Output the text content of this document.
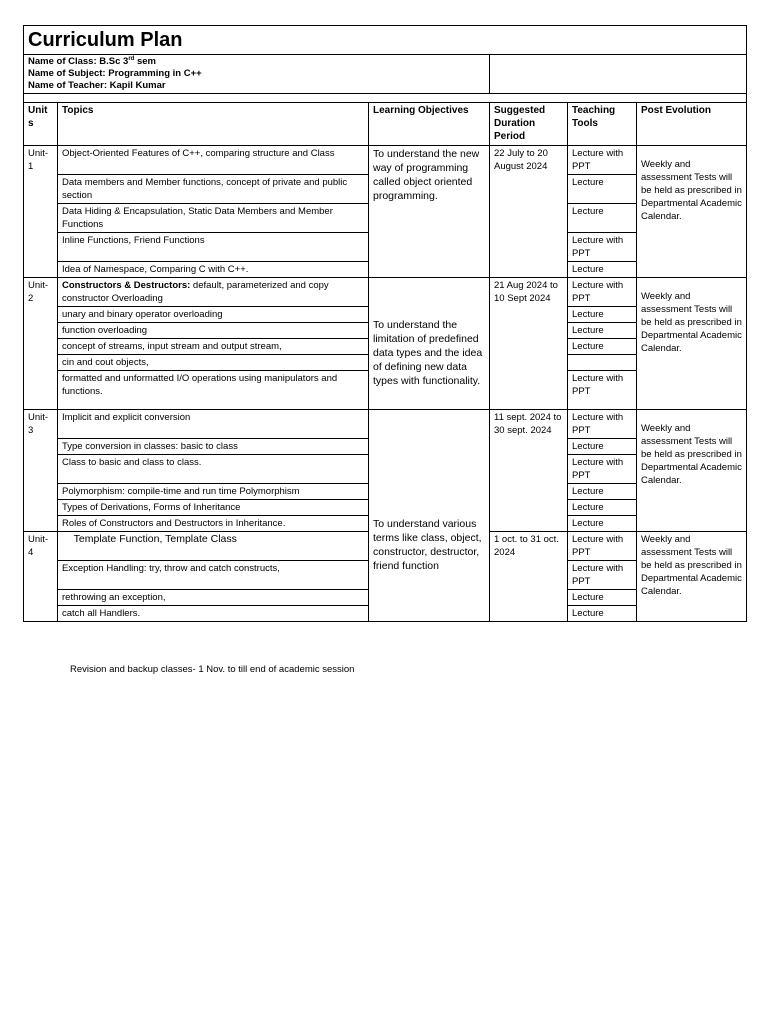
Curriculum Plan					

Name of Class: B.Sc 3rd sem
Name of Subject: Programming in C++
Name of Teacher: Kapil Kumar					

Unit s	Topics	Learning Objectives	Suggested Duration Period	Teaching Tools	Post Evolution
Unit-1	Object-Oriented Features of C++, comparing structure and Class	To understand the new way of programming called object oriented programming.	22 July to 20 August 2024	Lecture with PPT	Weekly and assessment Tests will be held as prescribed in Departmental Academic Calendar.
	Data members and Member functions, concept of private and public section			Lecture	
	Data Hiding & Encapsulation, Static Data Members and Member Functions			Lecture	
	Inline Functions, Friend Functions			Lecture with PPT	
	Idea of Namespace, Comparing C with C++.			Lecture	
Unit-2	Constructors & Destructors: default, parameterized and copy constructor Overloading	To understand the limitation of predefined data types and the idea of defining new data types with functionality.	21 Aug 2024 to 10 Sept 2024	Lecture with PPT	Weekly and assessment Tests will be held as prescribed in Departmental Academic Calendar.
	unary and binary operator overloading			Lecture	
	function overloading			Lecture	
	concept of streams, input stream and output stream,			Lecture	
	cin and cout objects,				
	formatted and unformatted I/O operations using manipulators and functions.			Lecture with PPT	
Unit-3	Implicit and explicit conversion	To understand various terms like class, object, constructor, destructor, friend function	11 sept. 2024 to 30 sept. 2024	Lecture with PPT	Weekly and assessment Tests will be held as prescribed in Departmental Academic Calendar.
	Type conversion in classes: basic to class			Lecture	
	Class to basic and class to class.			Lecture with PPT	
	Polymorphism: compile-time and run time Polymorphism			Lecture	
	Types of Derivations, Forms of Inheritance			Lecture	
	Roles of Constructors and Destructors in Inheritance.			Lecture	
Unit-4	Template Function, Template Class		1 oct. to 31 oct. 2024	Lecture with PPT	Weekly and assessment Tests will be held as prescribed in Departmental Academic Calendar.
	Exception Handling: try, throw and catch constructs,			Lecture with PPT	
	rethrowing an exception,			Lecture	
	catch all Handlers.			Lecture	
Revision and backup classes- 1 Nov. to till end of academic session
